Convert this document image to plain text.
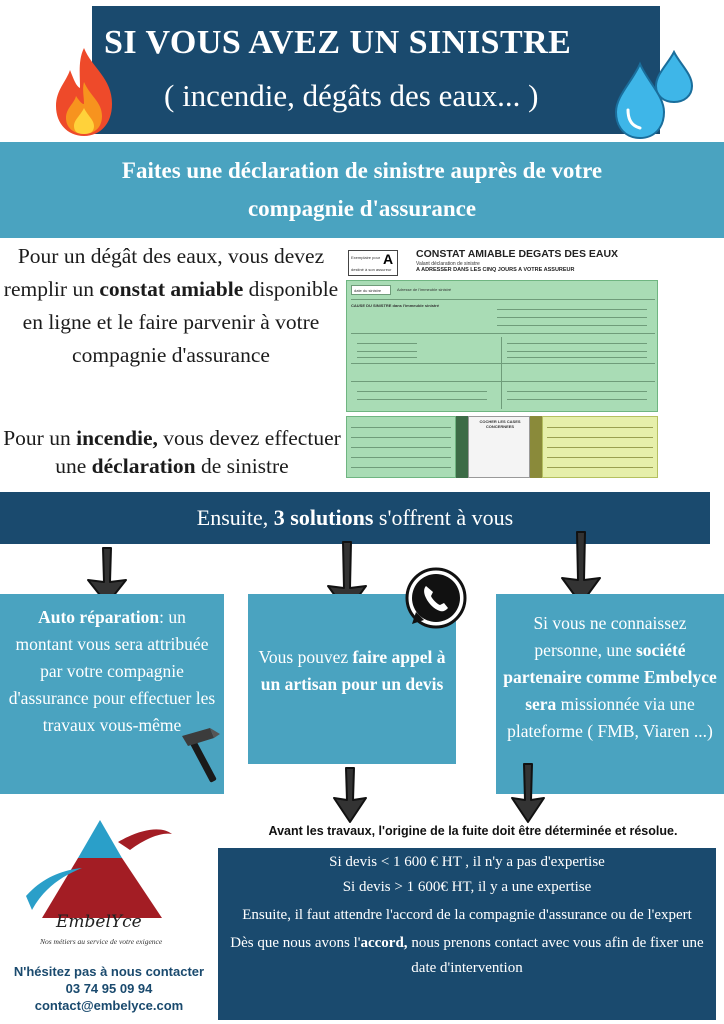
SI VOUS AVEZ UN SINISTRE
( incendie, dégâts des eaux... )
Faites une déclaration de sinistre auprès de votre
compagnie d'assurance
Pour un dégât des eaux, vous devez remplir un constat amiable disponible en ligne et le faire parvenir à votre compagnie d'assurance
Pour un incendie, vous devez effectuer une déclaration de sinistre
Exemplaire pour A
destiné à son assureur
CONSTAT AMIABLE DEGATS DES EAUX
Valant déclaration de sinistre
A ADRESSER DANS LES CINQ JOURS A VOTRE ASSUREUR
date du sinistre	Adresse de l'immeuble sinistré
CAUSE DU SINISTRE dans l'immeuble sinistré
COCHER LES CASES CONCERNEES
Ensuite, 3 solutions s'offrent à vous
Auto réparation: un montant vous sera attribuée par votre compagnie d'assurance pour effectuer les travaux vous-même
Vous pouvez faire appel à un artisan pour un devis
Si vous ne connaissez personne, une société partenaire comme Embelyce sera missionnée via une plateforme ( FMB, Viaren ...)
Avant les travaux, l'origine de la fuite doit être déterminée et résolue.

Si devis < 1 600 € HT , il n'y a pas d'expertise

Si devis > 1 600€ HT, il y a une expertise

Ensuite, il faut attendre l'accord de la compagnie d'assurance ou de l'expert

Dès que nous avons l'accord, nous prenons contact avec vous afin de fixer une date d'intervention

EmbelYce
Nos métiers au service de votre exigence
N'hésitez pas à nous contacter
03 74 95 09 94
contact@embelyce.com
